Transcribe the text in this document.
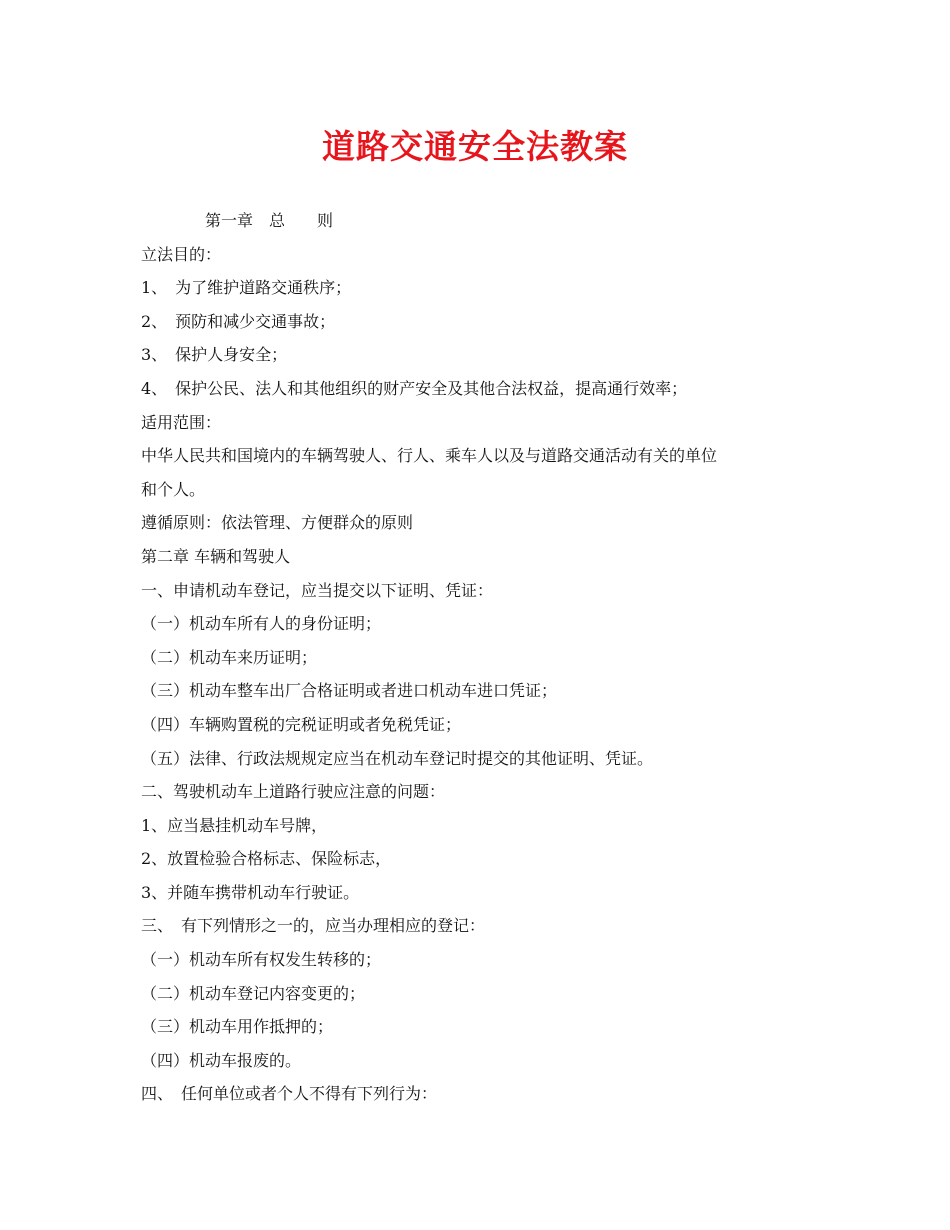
道路交通安全法教案
第一章　总　　则
立法目的：
1、　为了维护道路交通秩序；
2、　预防和减少交通事故；
3、　保护人身安全；
4、　保护公民、法人和其他组织的财产安全及其他合法权益，提高通行效率；
适用范围：
中华人民共和国境内的车辆驾驶人、行人、乘车人以及与道路交通活动有关的单位
和个人。
遵循原则：依法管理、方便群众的原则
第二章 车辆和驾驶人
一、申请机动车登记，应当提交以下证明、凭证：
（一）机动车所有人的身份证明；
（二）机动车来历证明；
（三）机动车整车出厂合格证明或者进口机动车进口凭证；
（四）车辆购置税的完税证明或者免税凭证；
（五）法律、行政法规规定应当在机动车登记时提交的其他证明、凭证。
二、驾驶机动车上道路行驶应注意的问题：
1、应当悬挂机动车号牌，
2、放置检验合格标志、保险标志，
3、并随车携带机动车行驶证。
三、　有下列情形之一的，应当办理相应的登记：
（一）机动车所有权发生转移的；
（二）机动车登记内容变更的；
（三）机动车用作抵押的；
（四）机动车报废的。
四、　任何单位或者个人不得有下列行为：
